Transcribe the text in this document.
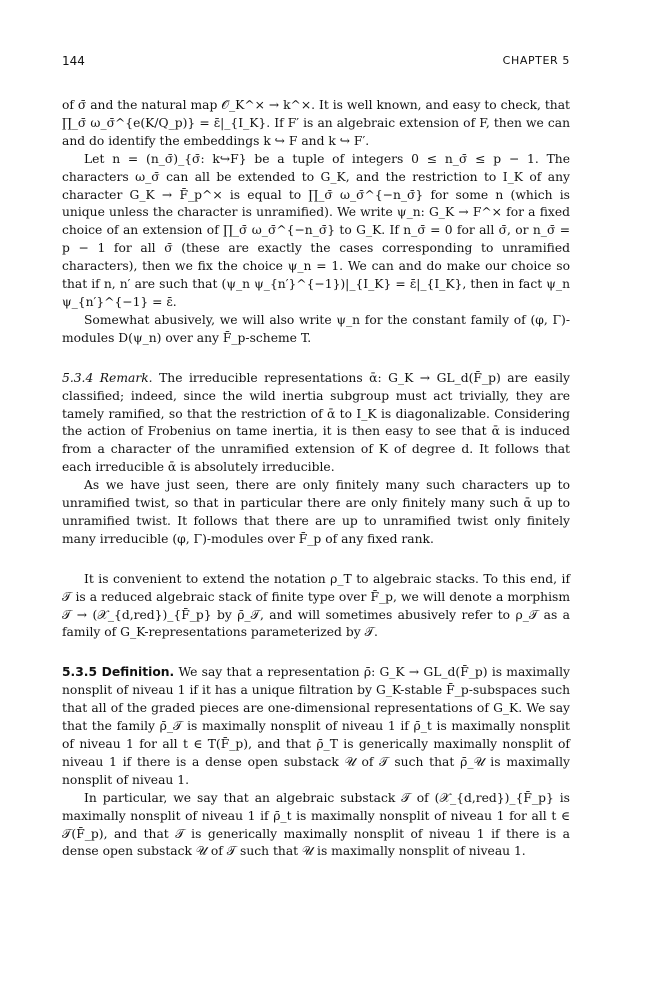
144	CHAPTER 5

of σ̄ and the natural map 𝒪_K^× → k^×. It is well known, and easy to check, that ∏_σ̄ ω_σ̄^{e(K/Q_p)} = ε̄|_{I_K}. If F′ is an algebraic extension of F, then we can and do identify the embeddings k ↪ F and k ↪ F′.

Let n = (n_σ̄)_{σ̄: k↪F} be a tuple of integers 0 ≤ n_σ̄ ≤ p − 1. The characters ω_σ̄ can all be extended to G_K, and the restriction to I_K of any character G_K → F̄_p^× is equal to ∏_σ̄ ω_σ̄^{−n_σ̄} for some n (which is unique unless the character is unramified). We write ψ_n: G_K → F^× for a fixed choice of an extension of ∏_σ̄ ω_σ̄^{−n_σ̄} to G_K. If n_σ̄ = 0 for all σ̄, or n_σ̄ = p − 1 for all σ̄ (these are exactly the cases corresponding to unramified characters), then we fix the choice ψ_n = 1. We can and do make our choice so that if n, n′ are such that (ψ_n ψ_{n′}^{−1})|_{I_K} = ε̄|_{I_K}, then in fact ψ_n ψ_{n′}^{−1} = ε̄.

Somewhat abusively, we will also write ψ_n for the constant family of (φ, Γ)-modules D(ψ_n) over any F̄_p-scheme T.

5.3.4 Remark. The irreducible representations ᾱ: G_K → GL_d(F̄_p) are easily classified; indeed, since the wild inertia subgroup must act trivially, they are tamely ramified, so that the restriction of ᾱ to I_K is diagonalizable. Considering the action of Frobenius on tame inertia, it is then easy to see that ᾱ is induced from a character of the unramified extension of K of degree d. It follows that each irreducible ᾱ is absolutely irreducible.

As we have just seen, there are only finitely many such characters up to unramified twist, so that in particular there are only finitely many such ᾱ up to unramified twist. It follows that there are up to unramified twist only finitely many irreducible (φ, Γ)-modules over F̄_p of any fixed rank.

It is convenient to extend the notation ρ_T to algebraic stacks. To this end, if 𝒯 is a reduced algebraic stack of finite type over F̄_p, we will denote a morphism 𝒯 → (𝒳_{d,red})_{F̄_p} by ρ̄_𝒯, and will sometimes abusively refer to ρ_𝒯 as a family of G_K-representations parameterized by 𝒯.

5.3.5 Definition. We say that a representation ρ̄: G_K → GL_d(F̄_p) is maximally nonsplit of niveau 1 if it has a unique filtration by G_K-stable F̄_p-subspaces such that all of the graded pieces are one-dimensional representations of G_K. We say that the family ρ̄_𝒯 is maximally nonsplit of niveau 1 if ρ̄_t is maximally nonsplit of niveau 1 for all t ∈ T(F̄_p), and that ρ̄_T is generically maximally nonsplit of niveau 1 if there is a dense open substack 𝒰 of 𝒯 such that ρ̄_𝒰 is maximally nonsplit of niveau 1.

In particular, we say that an algebraic substack 𝒯 of (𝒳_{d,red})_{F̄_p} is maximally nonsplit of niveau 1 if ρ̄_t is maximally nonsplit of niveau 1 for all t ∈ 𝒯(F̄_p), and that 𝒯 is generically maximally nonsplit of niveau 1 if there is a dense open substack 𝒰 of 𝒯 such that 𝒰 is maximally nonsplit of niveau 1.
